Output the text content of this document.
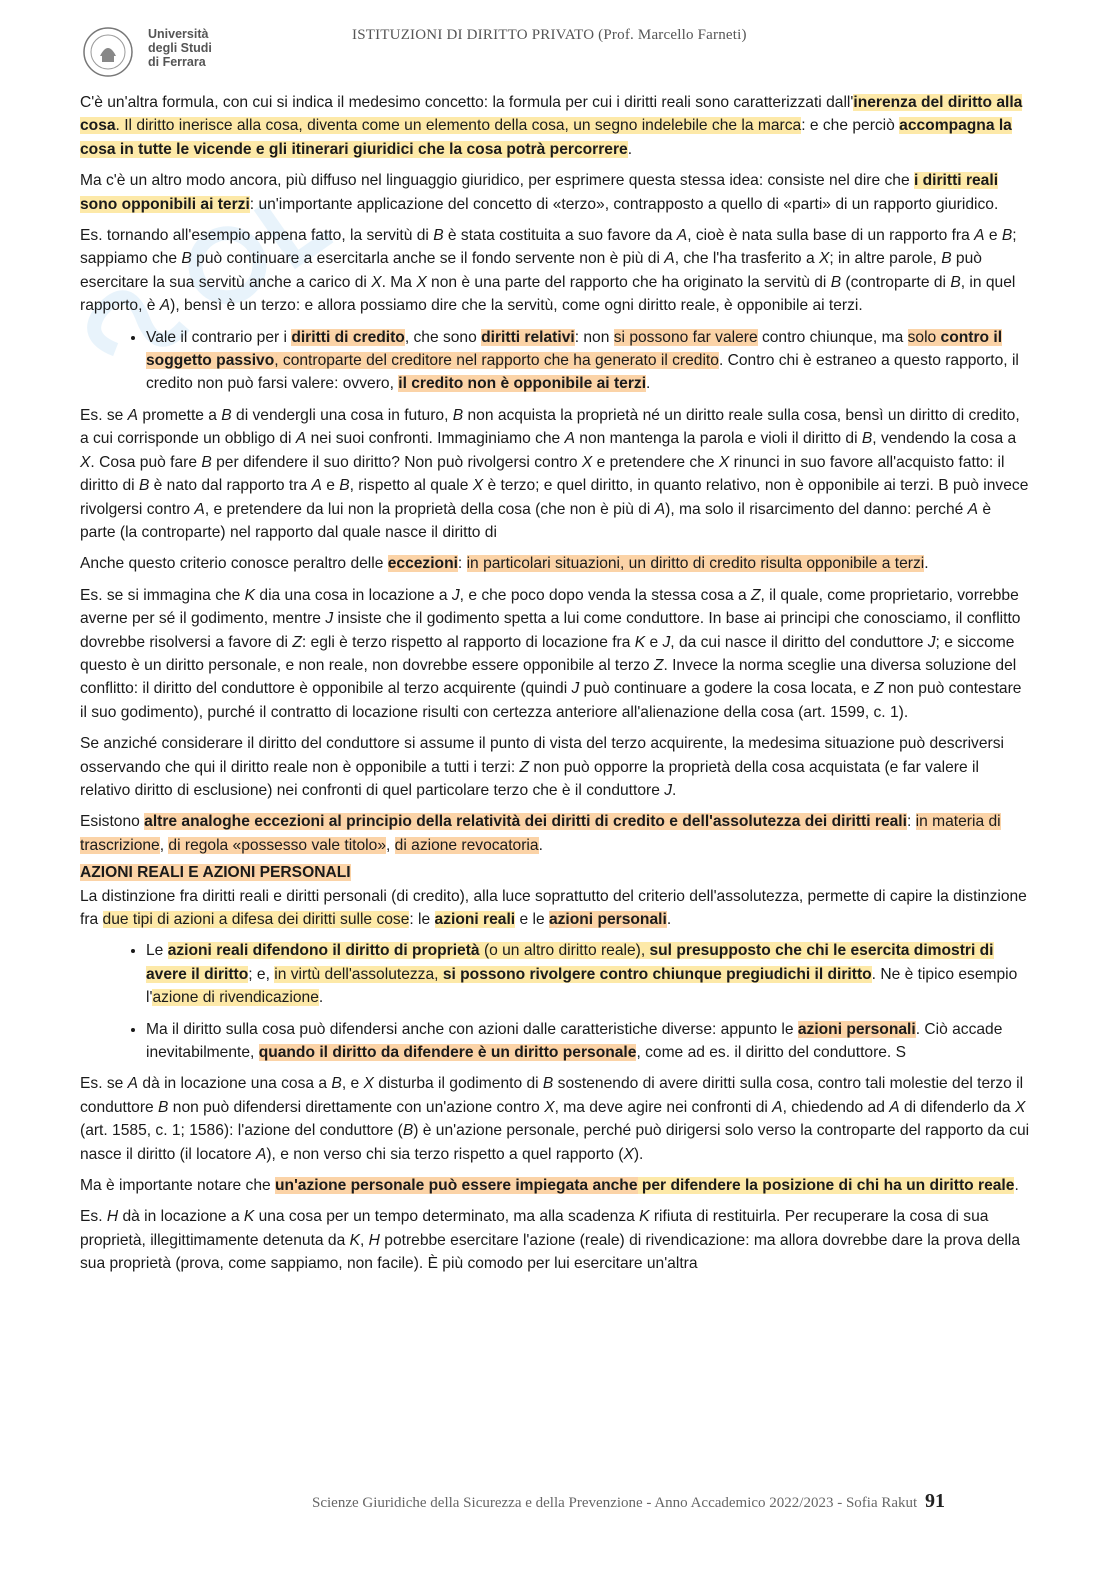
Università
degli Studi
di Ferrara
ISTITUZIONI DI DIRITTO PRIVATO (Prof. Marcello Farneti)

C'è un'altra formula, con cui si indica il medesimo concetto: la formula per cui i diritti reali sono caratterizzati dall'inerenza del diritto alla cosa. Il diritto inerisce alla cosa, diventa come un elemento della cosa, un segno indelebile che la marca: e che perciò accompagna la cosa in tutte le vicende e gli itinerari giuridici che la cosa potrà percorrere.

Ma c'è un altro modo ancora, più diffuso nel linguaggio giuridico, per esprimere questa stessa idea: consiste nel dire che i diritti reali sono opponibili ai terzi: un'importante applicazione del concetto di «terzo», contrapposto a quello di «parti» di un rapporto giuridico.

Es. tornando all'esempio appena fatto, la servitù di B è stata costituita a suo favore da A, cioè è nata sulla base di un rapporto fra A e B; sappiamo che B può continuare a esercitarla anche se il fondo servente non è più di A, che l'ha trasferito a X; in altre parole, B può esercitare la sua servitù anche a carico di X. Ma X non è una parte del rapporto che ha originato la servitù di B (controparte di B, in quel rapporto, è A), bensì è un terzo: e allora possiamo dire che la servitù, come ogni diritto reale, è opponibile ai terzi.

• Vale il contrario per i diritti di credito, che sono diritti relativi: non si possono far valere contro chiunque, ma solo contro il soggetto passivo, controparte del creditore nel rapporto che ha generato il credito. Contro chi è estraneo a questo rapporto, il credito non può farsi valere: ovvero, il credito non è opponibile ai terzi.

Es. se A promette a B di vendergli una cosa in futuro, B non acquista la proprietà né un diritto reale sulla cosa, bensì un diritto di credito, a cui corrisponde un obbligo di A nei suoi confronti. Immaginiamo che A non mantenga la parola e violi il diritto di B, vendendo la cosa a X. Cosa può fare B per difendere il suo diritto? Non può rivolgersi contro X e pretendere che X rinunci in suo favore all'acquisto fatto: il diritto di B è nato dal rapporto tra A e B, rispetto al quale X è terzo; e quel diritto, in quanto relativo, non è opponibile ai terzi. B può invece rivolgersi contro A, e pretendere da lui non la proprietà della cosa (che non è più di A), ma solo il risarcimento del danno: perché A è parte (la controparte) nel rapporto dal quale nasce il diritto di

Anche questo criterio conosce peraltro delle eccezioni: in particolari situazioni, un diritto di credito risulta opponibile a terzi.

Es. se si immagina che K dia una cosa in locazione a J, e che poco dopo venda la stessa cosa a Z, il quale, come proprietario, vorrebbe averne per sé il godimento, mentre J insiste che il godimento spetta a lui come conduttore. In base ai principi che conosciamo, il conflitto dovrebbe risolversi a favore di Z: egli è terzo rispetto al rapporto di locazione fra K e J, da cui nasce il diritto del conduttore J; e siccome questo è un diritto personale, e non reale, non dovrebbe essere opponibile al terzo Z. Invece la norma sceglie una diversa soluzione del conflitto: il diritto del conduttore è opponibile al terzo acquirente (quindi J può continuare a godere la cosa locata, e Z non può contestare il suo godimento), purché il contratto di locazione risulti con certezza anteriore all'alienazione della cosa (art. 1599, c. 1).

Se anziché considerare il diritto del conduttore si assume il punto di vista del terzo acquirente, la medesima situazione può descriversi osservando che qui il diritto reale non è opponibile a tutti i terzi: Z non può opporre la proprietà della cosa acquistata (e far valere il relativo diritto di esclusione) nei confronti di quel particolare terzo che è il conduttore J.

Esistono altre analoghe eccezioni al principio della relatività dei diritti di credito e dell'assolutezza dei diritti reali: in materia di trascrizione, di regola «possesso vale titolo», di azione revocatoria.

AZIONI REALI E AZIONI PERSONALI

La distinzione fra diritti reali e diritti personali (di credito), alla luce soprattutto del criterio dell'assolutezza, permette di capire la distinzione fra due tipi di azioni a difesa dei diritti sulle cose: le azioni reali e le azioni personali.

• Le azioni reali difendono il diritto di proprietà (o un altro diritto reale), sul presupposto che chi le esercita dimostri di avere il diritto; e, in virtù dell'assolutezza, si possono rivolgere contro chiunque pregiudichi il diritto. Ne è tipico esempio l'azione di rivendicazione.
• Ma il diritto sulla cosa può difendersi anche con azioni dalle caratteristiche diverse: appunto le azioni personali. Ciò accade inevitabilmente, quando il diritto da difendere è un diritto personale, come ad es. il diritto del conduttore. S

Es. se A dà in locazione una cosa a B, e X disturba il godimento di B sostenendo di avere diritti sulla cosa, contro tali molestie del terzo il conduttore B non può difendersi direttamente con un'azione contro X, ma deve agire nei confronti di A, chiedendo ad A di difenderlo da X (art. 1585, c. 1; 1586): l'azione del conduttore (B) è un'azione personale, perché può dirigersi solo verso la controparte del rapporto da cui nasce il diritto (il locatore A), e non verso chi sia terzo rispetto a quel rapporto (X).

Ma è importante notare che un'azione personale può essere impiegata anche per difendere la posizione di chi ha un diritto reale.

Es. H dà in locazione a K una cosa per un tempo determinato, ma alla scadenza K rifiuta di restituirla. Per recuperare la cosa di sua proprietà, illegittimamente detenuta da K, H potrebbe esercitare l'azione (reale) di rivendicazione: ma allora dovrebbe dare la prova della sua proprietà (prova, come sappiamo, non facile). È più comodo per lui esercitare un'altra

Scienze Giuridiche della Sicurezza e della Prevenzione - Anno Accademico 2022/2023 - Sofia Rakut 91
